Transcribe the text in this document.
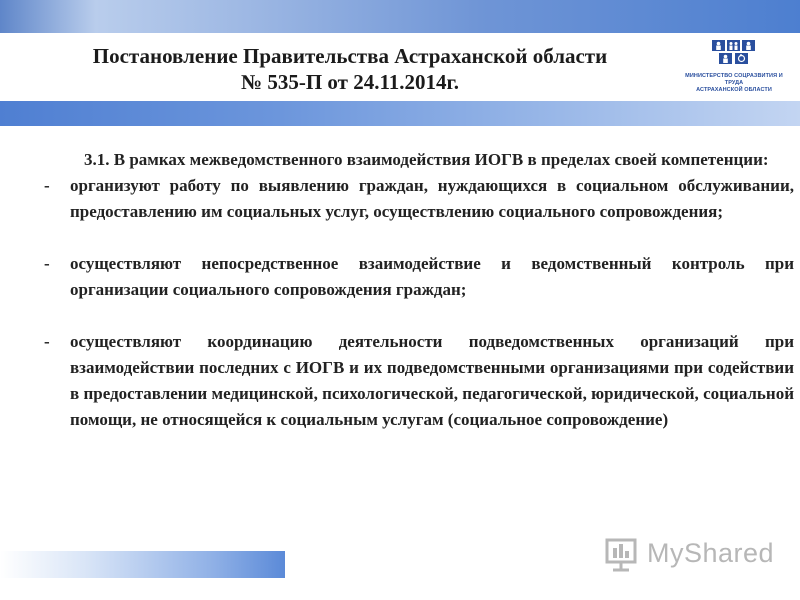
Постановление Правительства Астраханской области
№ 535-П от 24.11.2014г.	МИНИСТЕРСТВО СОЦРАЗВИТИЯ И ТРУДА
АСТРАХАНСКОЙ ОБЛАСТИ

3.1. В рамках межведомственного взаимодействия ИОГВ в пределах своей компетенции:

- организуют работу по выявлению граждан, нуждающихся в социальном обслуживании, предоставлению им социальных услуг, осуществлению социального сопровождения;
- осуществляют непосредственное взаимодействие и ведомственный контроль при организации социального сопровождения граждан;
- осуществляют координацию деятельности подведомственных организаций при взаимодействии последних с ИОГВ и их подведомственными организациями при содействии в предоставлении медицинской, психологической, педагогической, юридической, социальной помощи, не относящейся к социальным услугам (социальное сопровождение)
MyShared
